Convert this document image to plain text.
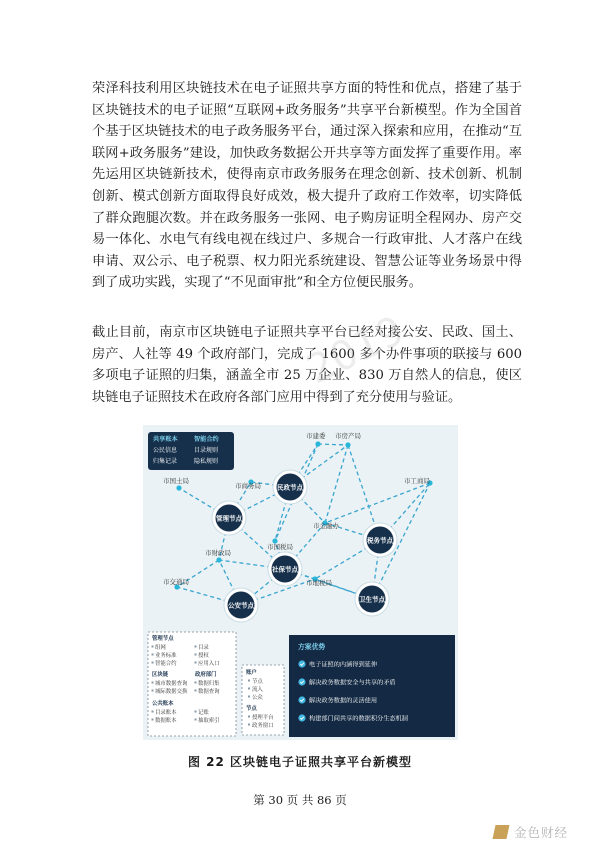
荣泽科技利用区块链技术在电子证照共享方面的特性和优点，搭建了基于区块链技术的电子证照“互联网+政务服务”共享平台新模型。作为全国首个基于区块链技术的电子政务服务平台，通过深入探索和应用，在推动“互联网+政务服务”建设，加快政务数据公开共享等方面发挥了重要作用。率先运用区块链新技术，使得南京市政务服务在理念创新、技术创新、机制创新、模式创新方面取得良好成效，极大提升了政府工作效率，切实降低了群众跑腿次数。并在政务服务一张网、电子购房证明全程网办、房产交易一体化、水电气有线电视在线过户、多规合一行政审批、人才落户在线申请、双公示、电子税票、权力阳光系统建设、智慧公证等业务场景中得到了成功实践，实现了“不见面审批”和全方位便民服务。

截止目前，南京市区块链电子证照共享平台已经对接公安、民政、国土、房产、人社等 49 个政府部门，完成了 1600 多个办件事项的联接与 600 多项电子证照的归集，涵盖全市 25 万企业、830 万自然人的信息，使区块链电子证照技术在政府各部门应用中得到了充分使用与验证。

2019
共享账本
公民信息
归集记录
智能合约
目录规则
隐私规则
市建委 市房产局
市国土局
市商务局
市工商局
市金融办
市国税局
市财政局
市地税局
市交通局
管理节点
民政节点
税务节点
社保节点
卫生节点
公安节点
管理节点
组网	目录
业务标准	授权
智能合约	应用入口
区块链	政府部门
城市数据查询 数据归集
城际数据交换 数据查询
公共账本
目录账本	记账
数据账本	抽取索引
账户
节点
流入
公众
节点
授理平台
政务窗口
方案优势
电子证照的内涵得到延伸
解决政务数据安全与共享的矛盾
解决政务数据的灵活使用
构建部门间共享的数据积分生态机制
图 22 区块链电子证照共享平台新模型
第 30 页 共 86 页
金色财经
